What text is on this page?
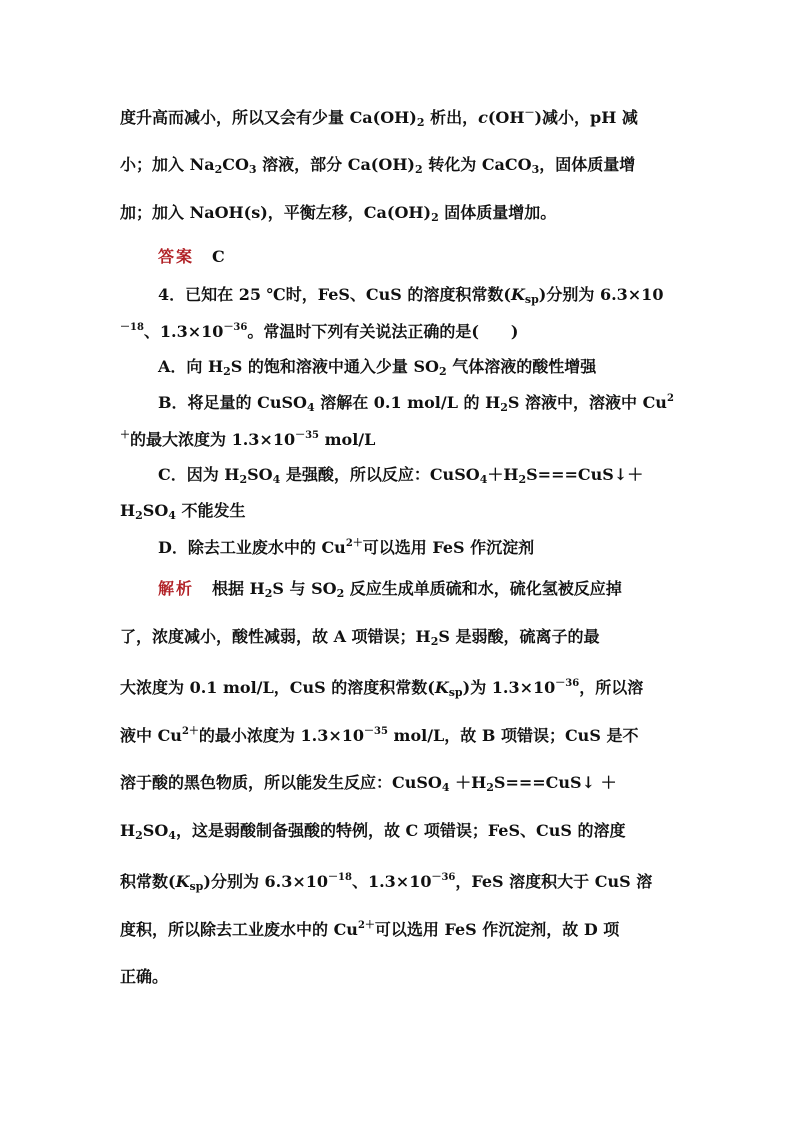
度升高而减小，所以又会有少量 $Ca(OH)_2$ 析出，c(OH－)减小，pH 减
小；加入 $Na_2CO_3$ 溶液，部分 $Ca(OH)_2$ 转化为 CaCO$_3$，固体质量增
加；加入 NaOH(s)，平衡左移，$Ca(OH)_2$ 固体质量增加。
答案 C
4．已知在 25 ℃时，FeS、CuS 的溶度积常数$(K_{sp})$分别为 6.3×10
$^{-18}$、$1.3\times 10^{-36}$。常温时下列有关说法正确的是(　　)
A．向 $H_2S$ 的饱和溶液中通入少量 $SO_2$ 气体溶液的酸性增强
B．将足量的 CuSO$_4$ 溶解在 0.1 mol/L 的 $H_2S$ 溶液中，溶液中 Cu$^2$
＋的最大浓度为 $1.3\times 10^{-35}$ mol/L
C．因为 $H_2SO_4$ 是强酸，所以反应：$CuSO_4+H_2S===CuS↓+$
$H_2SO_4$ 不能发生
D．除去工业废水中的 $Cu^{2+}$可以选用 FeS 作沉淀剂
解析 根据 $H_2S$ 与 $SO_2$ 反应生成单质硫和水，硫化氢被反应掉
了，浓度减小，酸性减弱，故 A 项错误；$H_2S$ 是弱酸，硫离子的最
大浓度为 0.1 mol/L，CuS 的溶度积常数$(K_{sp})$为 $1.3\times 10^{-36}$，所以溶
液中 $Cu^{2+}$的最小浓度为 $1.3\times 10^{-35}$ mol/L，故 B 项错误；CuS 是不
溶于酸的黑色物质，所以能发生反应：CuSO$_4$ $+H_2S===CuS↓$ ＋
$H_2SO_4$，这是弱酸制备强酸的特例，故 C 项错误；FeS、CuS 的溶度
积常数$(K_{sp})$分别为 $6.3\times 10^{-18}$、$1.3\times 10^{-36}$，FeS 溶度积大于 CuS 溶
度积，所以除去工业废水中的 $Cu^{2+}$可以选用 FeS 作沉淀剂，故 D 项
正确。
